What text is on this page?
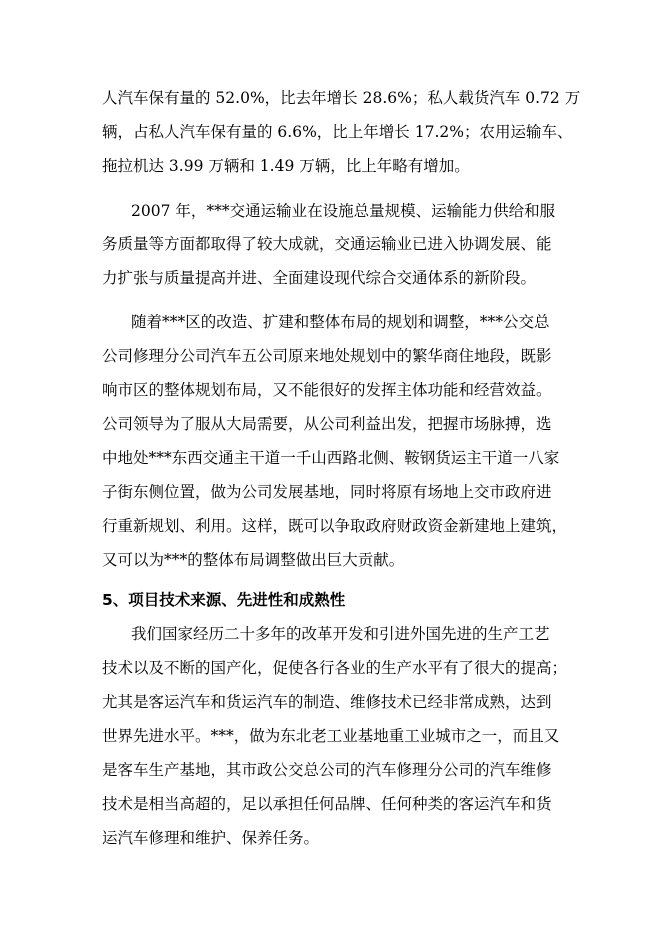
人汽车保有量的 52.0%，比去年增长 28.6%；私人载货汽车 0.72 万
辆，占私人汽车保有量的 6.6%，比上年增长 17.2%；农用运输车、
拖拉机达 3.99 万辆和 1.49 万辆，比上年略有增加。
2007 年，***交通运输业在设施总量规模、运输能力供给和服
务质量等方面都取得了较大成就，交通运输业已进入协调发展、能
力扩张与质量提高并进、全面建设现代综合交通体系的新阶段。
随着***区的改造、扩建和整体布局的规划和调整，***公交总
公司修理分公司汽车五公司原来地处规划中的繁华商住地段，既影
响市区的整体规划布局，又不能很好的发挥主体功能和经营效益。
公司领导为了服从大局需要，从公司利益出发，把握市场脉搏，选
中地处***东西交通主干道一千山西路北侧、鞍钢货运主干道一八家
子街东侧位置，做为公司发展基地，同时将原有场地上交市政府进
行重新规划、利用。这样，既可以争取政府财政资金新建地上建筑，
又可以为***的整体布局调整做出巨大贡献。
5、项目技术来源、先进性和成熟性
我们国家经历二十多年的改革开发和引进外国先进的生产工艺
技术以及不断的国产化，促使各行各业的生产水平有了很大的提高；
尤其是客运汽车和货运汽车的制造、维修技术已经非常成熟，达到
世界先进水平。***，做为东北老工业基地重工业城市之一，而且又
是客车生产基地，其市政公交总公司的汽车修理分公司的汽车维修
技术是相当高超的，足以承担任何品牌、任何种类的客运汽车和货
运汽车修理和维护、保养任务。
